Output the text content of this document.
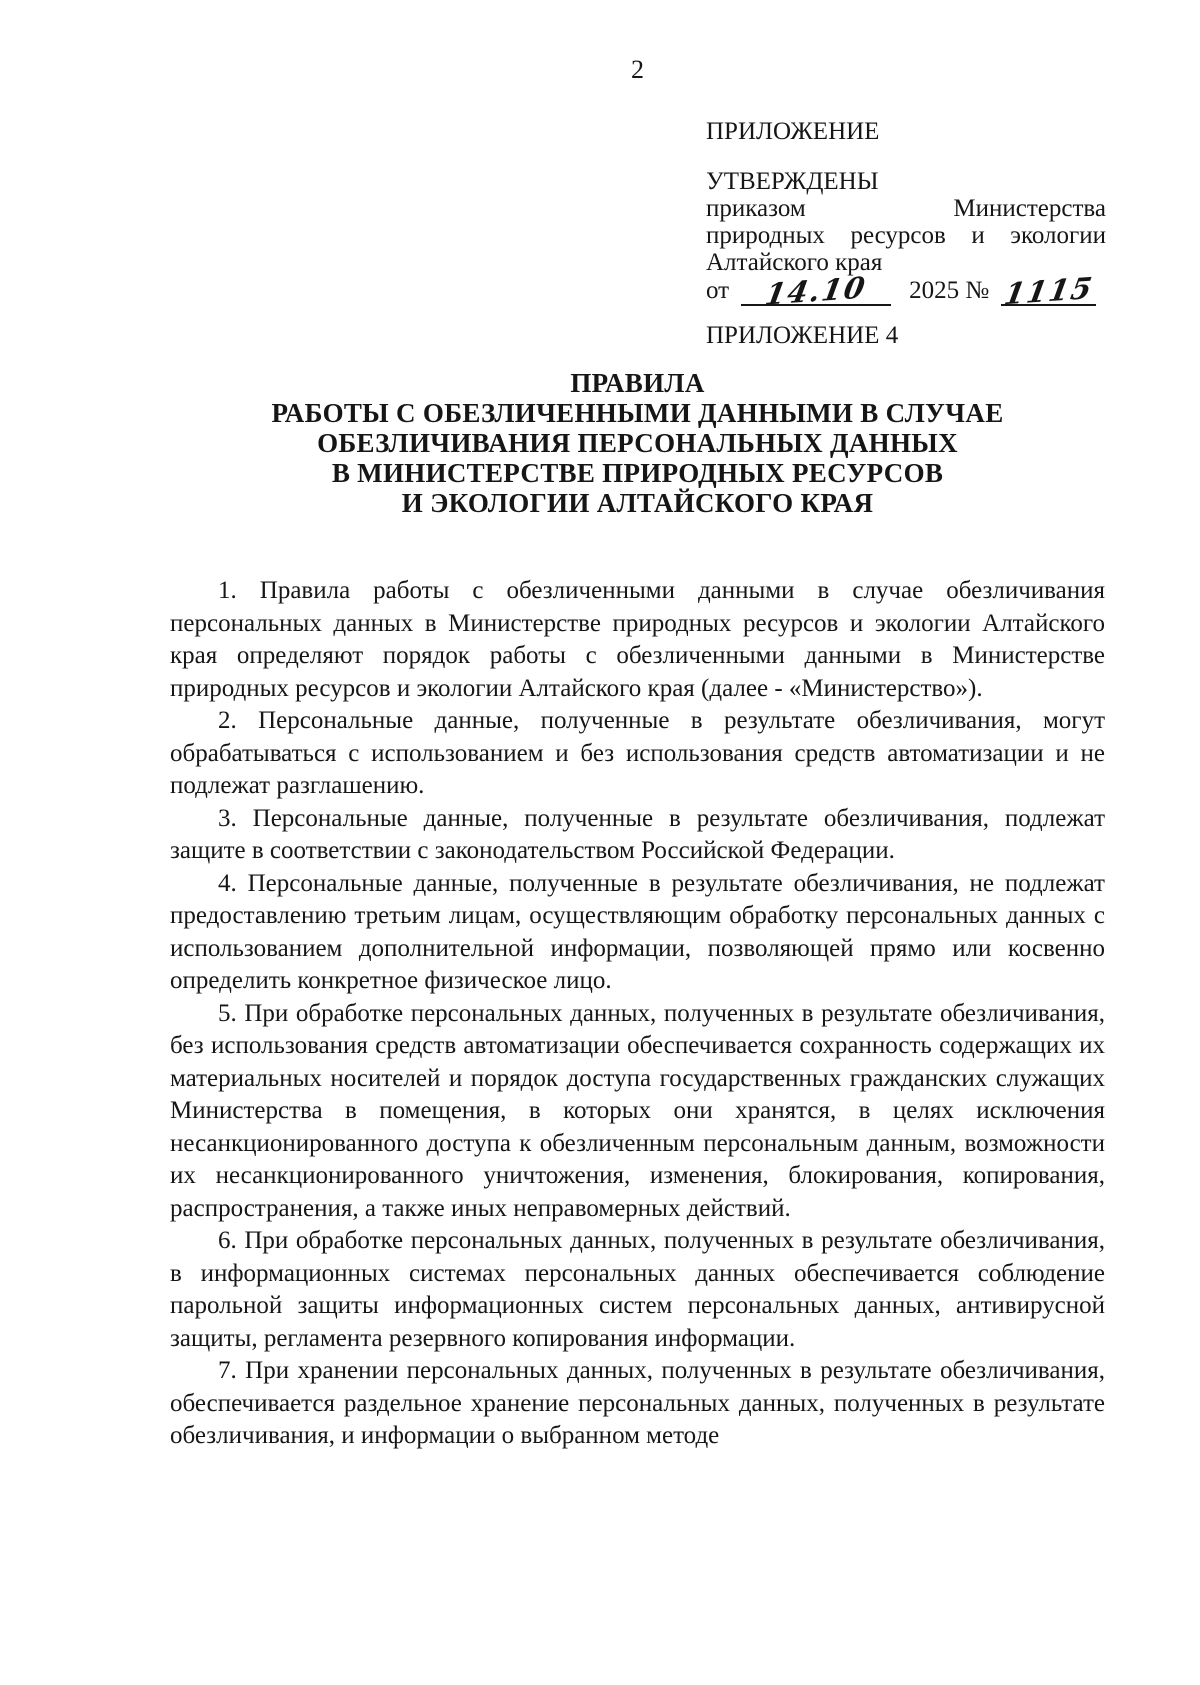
2
ПРИЛОЖЕНИЕ
УТВЕРЖДЕНЫ
приказом	Министерства
природных ресурсов и экологии
Алтайского края
от 14.10 2025 № 1115
ПРИЛОЖЕНИЕ 4
ПРАВИЛА
РАБОТЫ С ОБЕЗЛИЧЕННЫМИ ДАННЫМИ В СЛУЧАЕ
ОБЕЗЛИЧИВАНИЯ ПЕРСОНАЛЬНЫХ ДАННЫХ
В МИНИСТЕРСТВЕ ПРИРОДНЫХ РЕСУРСОВ
И ЭКОЛОГИИ АЛТАЙСКОГО КРАЯ

1. Правила работы с обезличенными данными в случае обезличивания персональных данных в Министерстве природных ресурсов и экологии Алтайского края определяют порядок работы с обезличенными данными в Министерстве природных ресурсов и экологии Алтайского края (далее - «Министерство»).

2. Персональные данные, полученные в результате обезличивания, могут обрабатываться с использованием и без использования средств автоматизации и не подлежат разглашению.

3. Персональные данные, полученные в результате обезличивания, подлежат защите в соответствии с законодательством Российской Федерации.

4. Персональные данные, полученные в результате обезличивания, не подлежат предоставлению третьим лицам, осуществляющим обработку персональных данных с использованием дополнительной информации, позволяющей прямо или косвенно определить конкретное физическое лицо.

5. При обработке персональных данных, полученных в результате обезличивания, без использования средств автоматизации обеспечивается сохранность содержащих их материальных носителей и порядок доступа государственных гражданских служащих Министерства в помещения, в которых они хранятся, в целях исключения несанкционированного доступа к обезличенным персональным данным, возможности их несанкционированного уничтожения, изменения, блокирования, копирования, распространения, а также иных неправомерных действий.

6. При обработке персональных данных, полученных в результате обезличивания, в информационных системах персональных данных обеспечивается соблюдение парольной защиты информационных систем персональных данных, антивирусной защиты, регламента резервного копирования информации.

7. При хранении персональных данных, полученных в результате обезличивания, обеспечивается раздельное хранение персональных данных, полученных в результате обезличивания, и информации о выбранном методе
